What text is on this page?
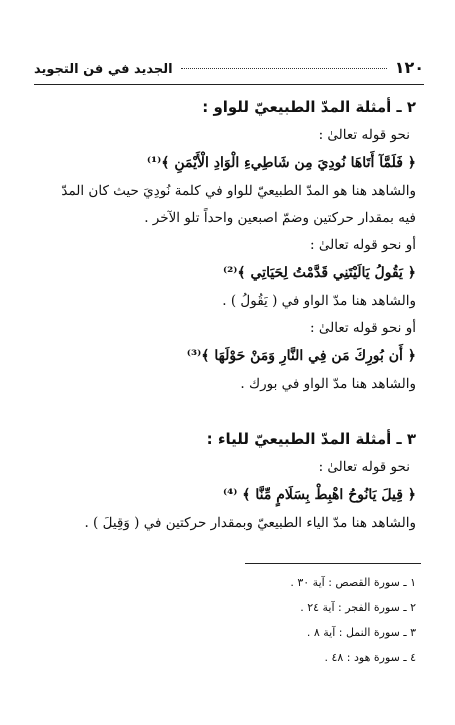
الجديد في فن التجويد	١٢٠
٢ ـ أمثلة المدّ الطبيعيّ للواو :
نحو قوله تعالىٰ :
﴿ فَلَمَّآ أَتَاهَا نُودِيَ مِن شَاطِيءِ الْوَادِ الْأَيْمَنِ ﴾⁽¹⁾
والشاهد هنا هو المدّ الطبيعيّ للواو في كلمة نُودِيَ حيث كان المدّ
فيه بمقدار حركتين وضمّ اصبعين واحداً تلو الآخر .
أو نحو قوله تعالىٰ :
﴿ يَقُولُ يَالَيْتَنِي قَدَّمْتُ لِحَيَاتِي ﴾⁽²⁾
والشاهد هنا مدّ الواو في ( يَقُولُ ) .
أو نحو قوله تعالىٰ :
﴿ أَن بُورِكَ مَن فِي النَّارِ وَمَنْ حَوْلَهَا ﴾⁽³⁾
والشاهد هنا مدّ الواو في بورك .
٣ ـ أمثلة المدّ الطبيعيّ للياء :
نحو قوله تعالىٰ :
﴿ قِيلَ يَانُوحُ اهْبِطْ بِسَلَامٍ مِّنَّا ﴾ ⁽⁴⁾
والشاهد هنا مدّ الياء الطبيعيّ وبمقدار حركتين في ( وَقِيلَ ) .
١ ـ سورة القصص : آية ٣٠ .
٢ ـ سورة الفجر : آية ٢٤ .
٣ ـ سورة النمل : آية ٨ .
٤ ـ سورة هود : ٤٨ .
